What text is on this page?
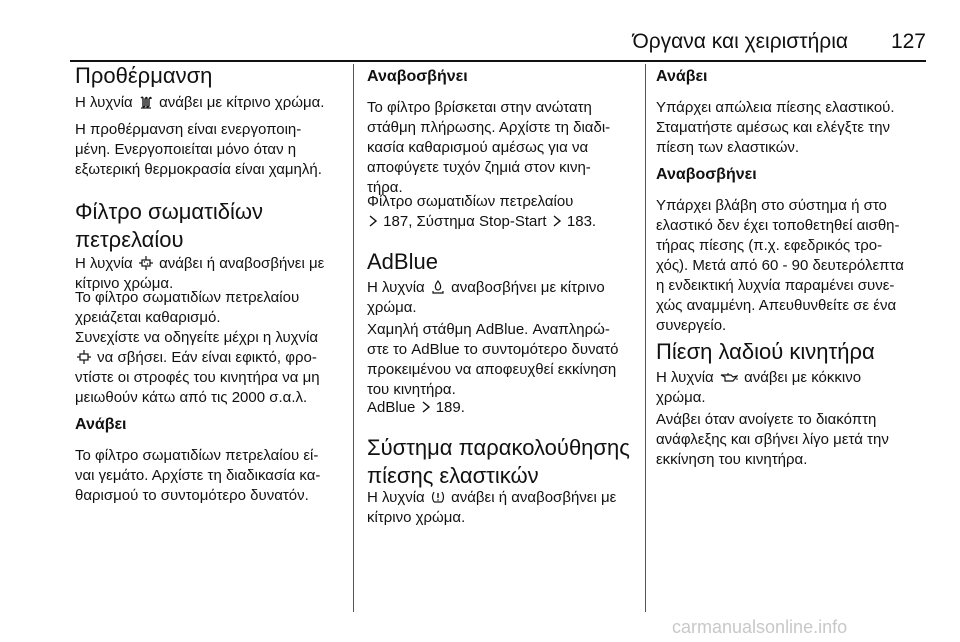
Όργανα και χειριστήρια 127
Προθέρμανση
Η λυχνία ανάβει με κίτρινο χρώμα.
Η προθέρμανση είναι ενεργοποιη-
μένη. Ενεργοποιείται μόνο όταν η
εξωτερική θερμοκρασία είναι χαμηλή.
Φίλτρο σωματιδίων
πετρελαίου
Η λυχνία ανάβει ή αναβοσβήνει με
κίτρινο χρώμα.
Το φίλτρο σωματιδίων πετρελαίου
χρειάζεται καθαρισμό.
Συνεχίστε να οδηγείτε μέχρι η λυχνία
να σβήσει. Εάν είναι εφικτό, φρο-
ντίστε οι στροφές του κινητήρα να μη
μειωθούν κάτω από τις 2000 σ.α.λ.
Ανάβει
Το φίλτρο σωματιδίων πετρελαίου εί-
ναι γεμάτο. Αρχίστε τη διαδικασία κα-
θαρισμού το συντομότερο δυνατόν.
Αναβοσβήνει
Το φίλτρο βρίσκεται στην ανώτατη
στάθμη πλήρωσης. Αρχίστε τη διαδι-
κασία καθαρισμού αμέσως για να
αποφύγετε τυχόν ζημιά στον κινη-
τήρα.
Φίλτρο σωματιδίων πετρελαίου
187, Σύστημα Stop-Start 183.
AdBlue
Η λυχνία αναβοσβήνει με κίτρινο
χρώμα.
Χαμηλή στάθμη AdBlue. Αναπληρώ-
στε το AdBlue το συντομότερο δυνατό
προκειμένου να αποφευχθεί εκκίνηση
του κινητήρα.
AdBlue 189.
Σύστημα παρακολούθησης
πίεσης ελαστικών
Η λυχνία ανάβει ή αναβοσβήνει με
κίτρινο χρώμα.
Ανάβει
Υπάρχει απώλεια πίεσης ελαστικού.
Σταματήστε αμέσως και ελέγξτε την
πίεση των ελαστικών.
Αναβοσβήνει
Υπάρχει βλάβη στο σύστημα ή στο
ελαστικό δεν έχει τοποθετηθεί αισθη-
τήρας πίεσης (π.χ. εφεδρικός τρο-
χός). Μετά από 60 - 90 δευτερόλεπτα
η ενδεικτική λυχνία παραμένει συνε-
χώς αναμμένη. Απευθυνθείτε σε ένα
συνεργείο.
Πίεση λαδιού κινητήρα
Η λυχνία ανάβει με κόκκινο
χρώμα.
Ανάβει όταν ανοίγετε το διακόπτη
ανάφλεξης και σβήνει λίγο μετά την
εκκίνηση του κινητήρα.
carmanualsonline.info
